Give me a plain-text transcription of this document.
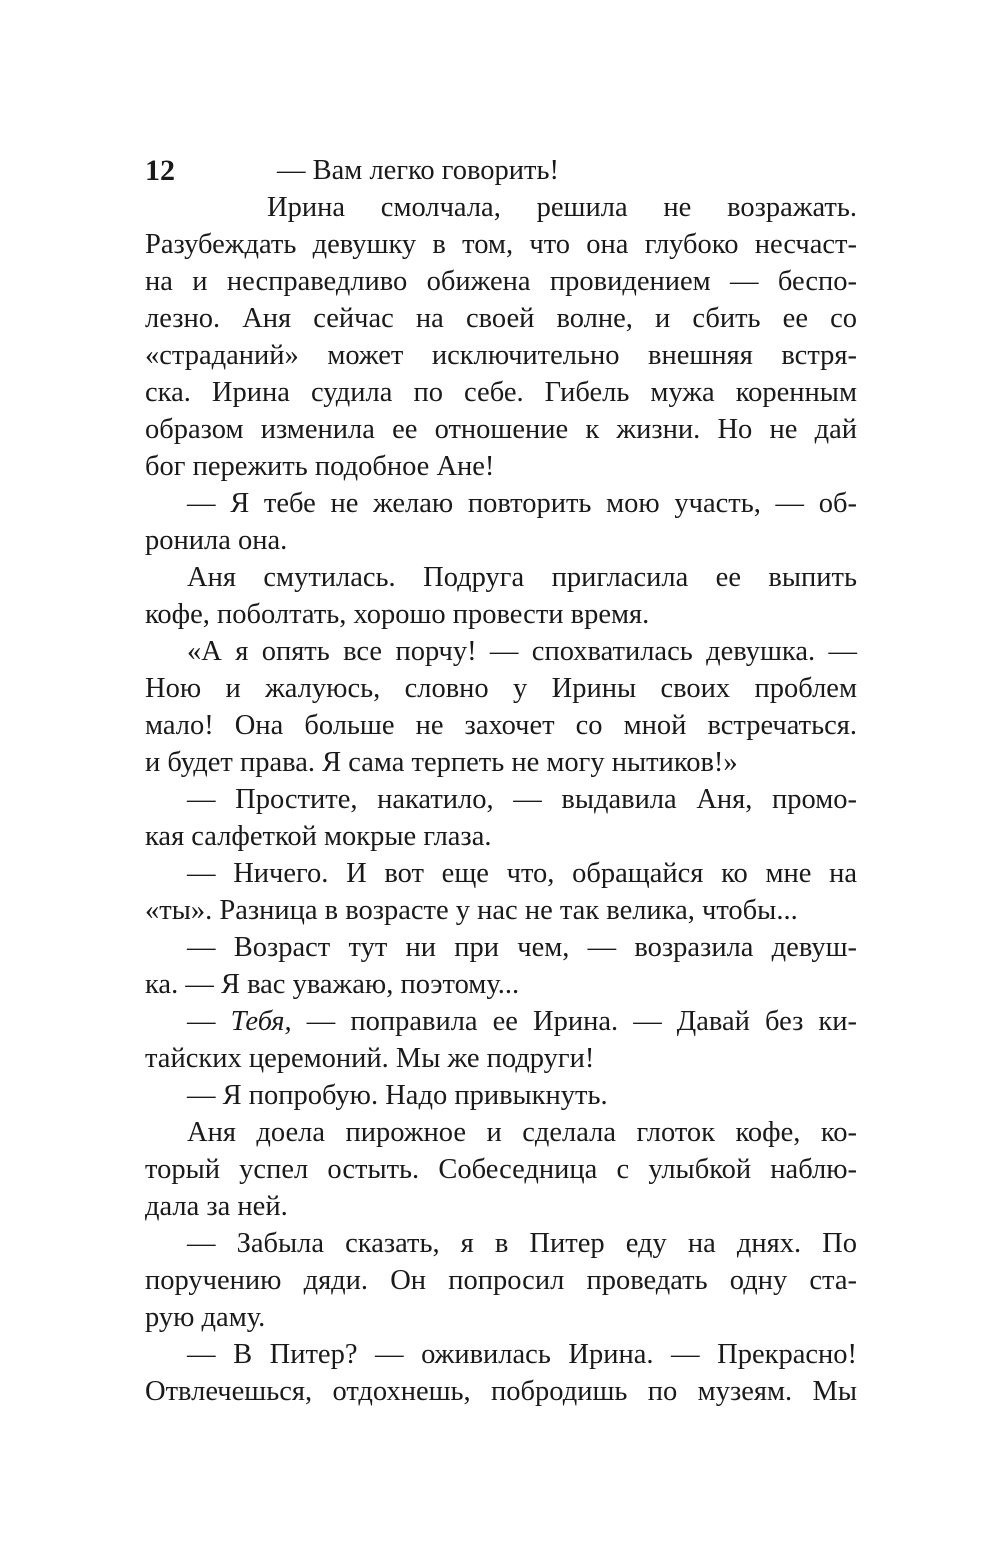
12	— Вам легко говорить!
Ирина смолчала, решила не возражать.
Разубеждать девушку в том, что она глубоко несчаст-
на и несправедливо обижена провидением — беспо-
лезно. Аня сейчас на своей волне, и сбить ее со
«страданий» может исключительно внешняя встря-
ска. Ирина судила по себе. Гибель мужа коренным
образом изменила ее отношение к жизни. Но не дай
бог пережить подобное Ане!
— Я тебе не желаю повторить мою участь, — об-
ронила она.
Аня смутилась. Подруга пригласила ее выпить
кофе, поболтать, хорошо провести время.
«А я опять все порчу! — спохватилась девушка. —
Ною и жалуюсь, словно у Ирины своих проблем
мало! Она больше не захочет со мной встречаться.
и будет права. Я сама терпеть не могу нытиков!»
— Простите, накатило, — выдавила Аня, промо-
кая салфеткой мокрые глаза.
— Ничего. И вот еще что, обращайся ко мне на
«ты». Разница в возрасте у нас не так велика, чтобы...
— Возраст тут ни при чем, — возразила девуш-
ка. — Я вас уважаю, поэтому...
— Тебя, — поправила ее Ирина. — Давай без ки-
тайских церемоний. Мы же подруги!
— Я попробую. Надо привыкнуть.
Аня доела пирожное и сделала глоток кофе, ко-
торый успел остыть. Собеседница с улыбкой наблю-
дала за ней.
— Забыла сказать, я в Питер еду на днях. По
поручению дяди. Он попросил проведать одну ста-
рую даму.
— В Питер? — оживилась Ирина. — Прекрасно!
Отвлечешься, отдохнешь, побродишь по музеям. Мы
